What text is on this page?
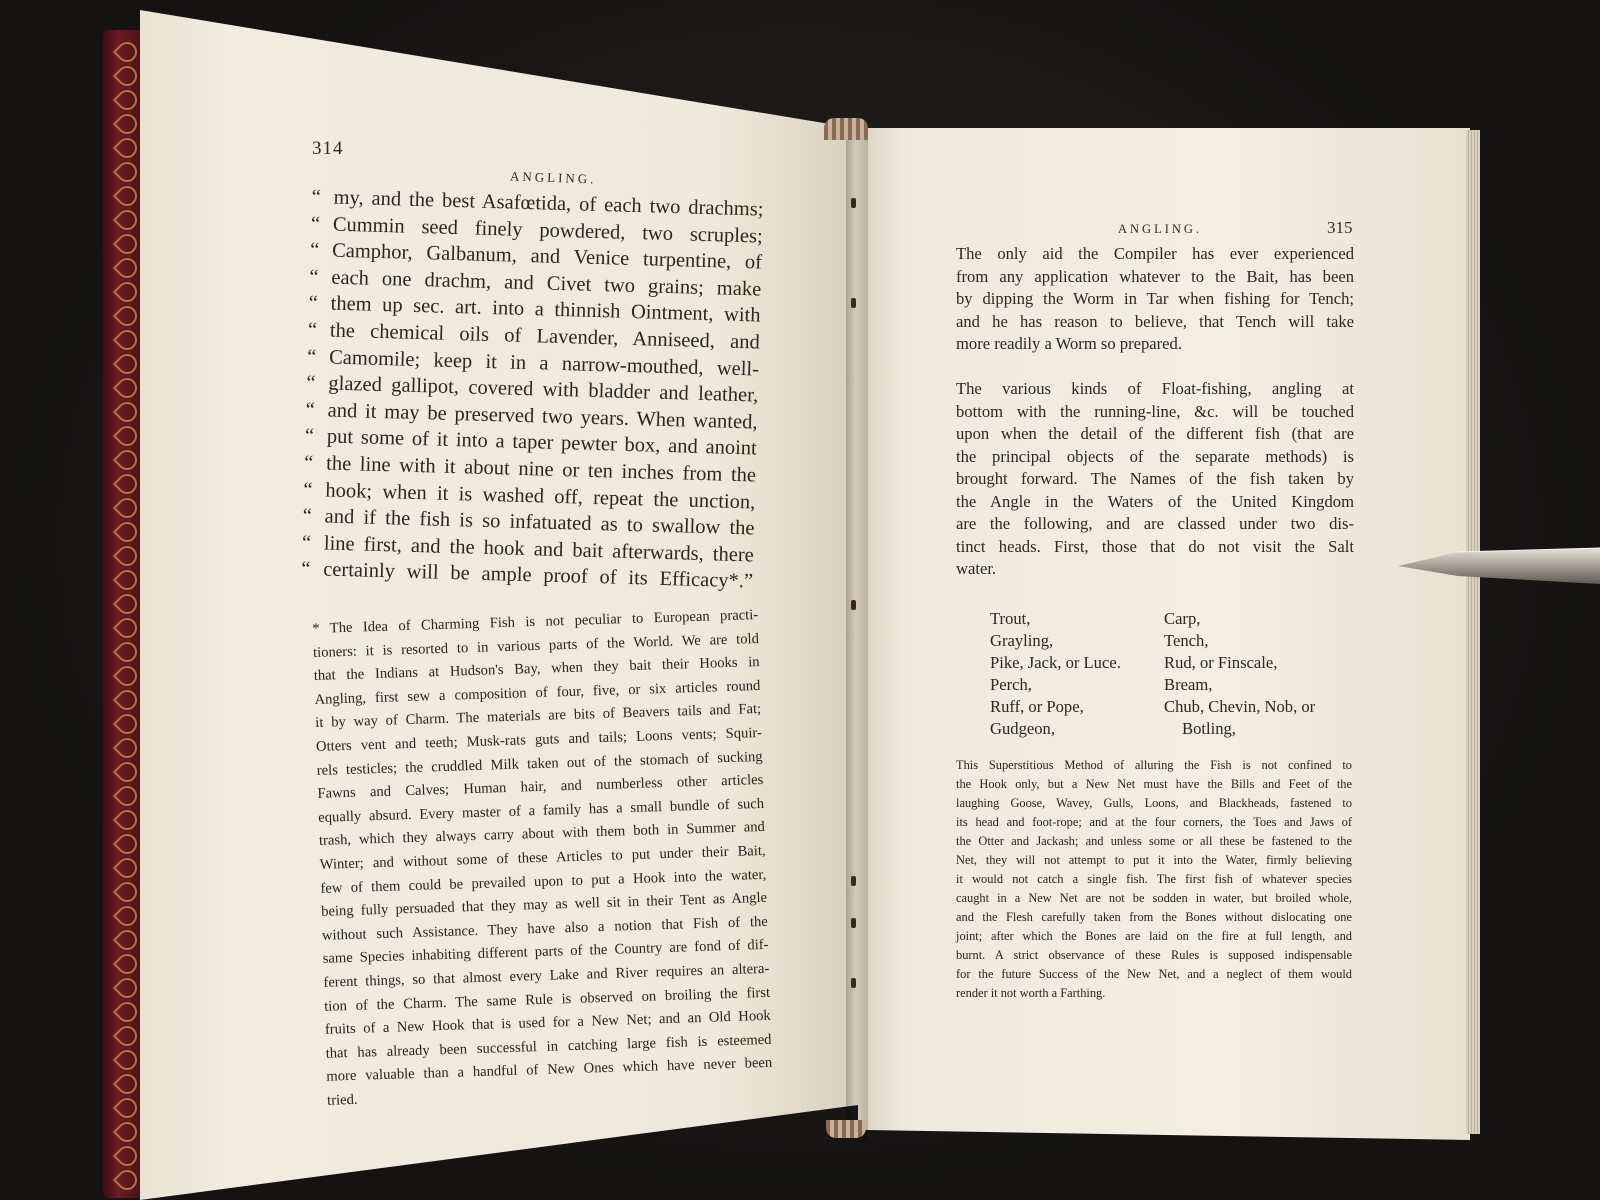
314
ANGLING.
“ my, and the best Asafœtida, of each two drachms;
“ Cummin seed finely powdered, two scruples;
“ Camphor, Galbanum, and Venice turpentine, of
“ each one drachm, and Civet two grains; make
“ them up sec. art. into a thinnish Ointment, with
“ the chemical oils of Lavender, Anniseed, and
“ Camomile; keep it in a narrow-mouthed, well-
“ glazed gallipot, covered with bladder and leather,
“ and it may be preserved two years. When wanted,
“ put some of it into a taper pewter box, and anoint
“ the line with it about nine or ten inches from the
“ hook; when it is washed off, repeat the unction,
“ and if the fish is so infatuated as to swallow the
“ line first, and the hook and bait afterwards, there
“ certainly will be ample proof of its Efficacy*.”
* The Idea of Charming Fish is not peculiar to European practi-
tioners: it is resorted to in various parts of the World. We are told
that the Indians at Hudson's Bay, when they bait their Hooks in
Angling, first sew a composition of four, five, or six articles round
it by way of Charm. The materials are bits of Beavers tails and Fat;
Otters vent and teeth; Musk-rats guts and tails; Loons vents; Squir-
rels testicles; the cruddled Milk taken out of the stomach of sucking
Fawns and Calves; Human hair, and numberless other articles
equally absurd. Every master of a family has a small bundle of such
trash, which they always carry about with them both in Summer and
Winter; and without some of these Articles to put under their Bait,
few of them could be prevailed upon to put a Hook into the water,
being fully persuaded that they may as well sit in their Tent as Angle
without such Assistance. They have also a notion that Fish of the
same Species inhabiting different parts of the Country are fond of dif-
ferent things, so that almost every Lake and River requires an altera-
tion of the Charm. The same Rule is observed on broiling the first
fruits of a New Hook that is used for a New Net; and an Old Hook
that has already been successful in catching large fish is esteemed
more valuable than a handful of New Ones which have never been
tried.
ANGLING.	315
The only aid the Compiler has ever experienced
from any application whatever to the Bait, has been
by dipping the Worm in Tar when fishing for Tench;
and he has reason to believe, that Tench will take
more readily a Worm so prepared.
The various kinds of Float-fishing, angling at
bottom with the running-line, &c. will be touched
upon when the detail of the different fish (that are
the principal objects of the separate methods) is
brought forward. The Names of the fish taken by
the Angle in the Waters of the United Kingdom
are the following, and are classed under two dis-
tinct heads. First, those that do not visit the Salt
water.
Trout,	Carp,
Grayling,	Tench,
Pike, Jack, or Luce.	Rud, or Finscale,
Perch,	Bream,
Ruff, or Pope,	Chub, Chevin, Nob, or
Gudgeon,	Botling,
This Superstitious Method of alluring the Fish is not confined to
the Hook only, but a New Net must have the Bills and Feet of the
laughing Goose, Wavey, Gulls, Loons, and Blackheads, fastened to
its head and foot-rope; and at the four corners, the Toes and Jaws of
the Otter and Jackash; and unless some or all these be fastened to the
Net, they will not attempt to put it into the Water, firmly believing
it would not catch a single fish. The first fish of whatever species
caught in a New Net are not be sodden in water, but broiled whole,
and the Flesh carefully taken from the Bones without dislocating one
joint; after which the Bones are laid on the fire at full length, and
burnt. A strict observance of these Rules is supposed indispensable
for the future Success of the New Net, and a neglect of them would
render it not worth a Farthing.
